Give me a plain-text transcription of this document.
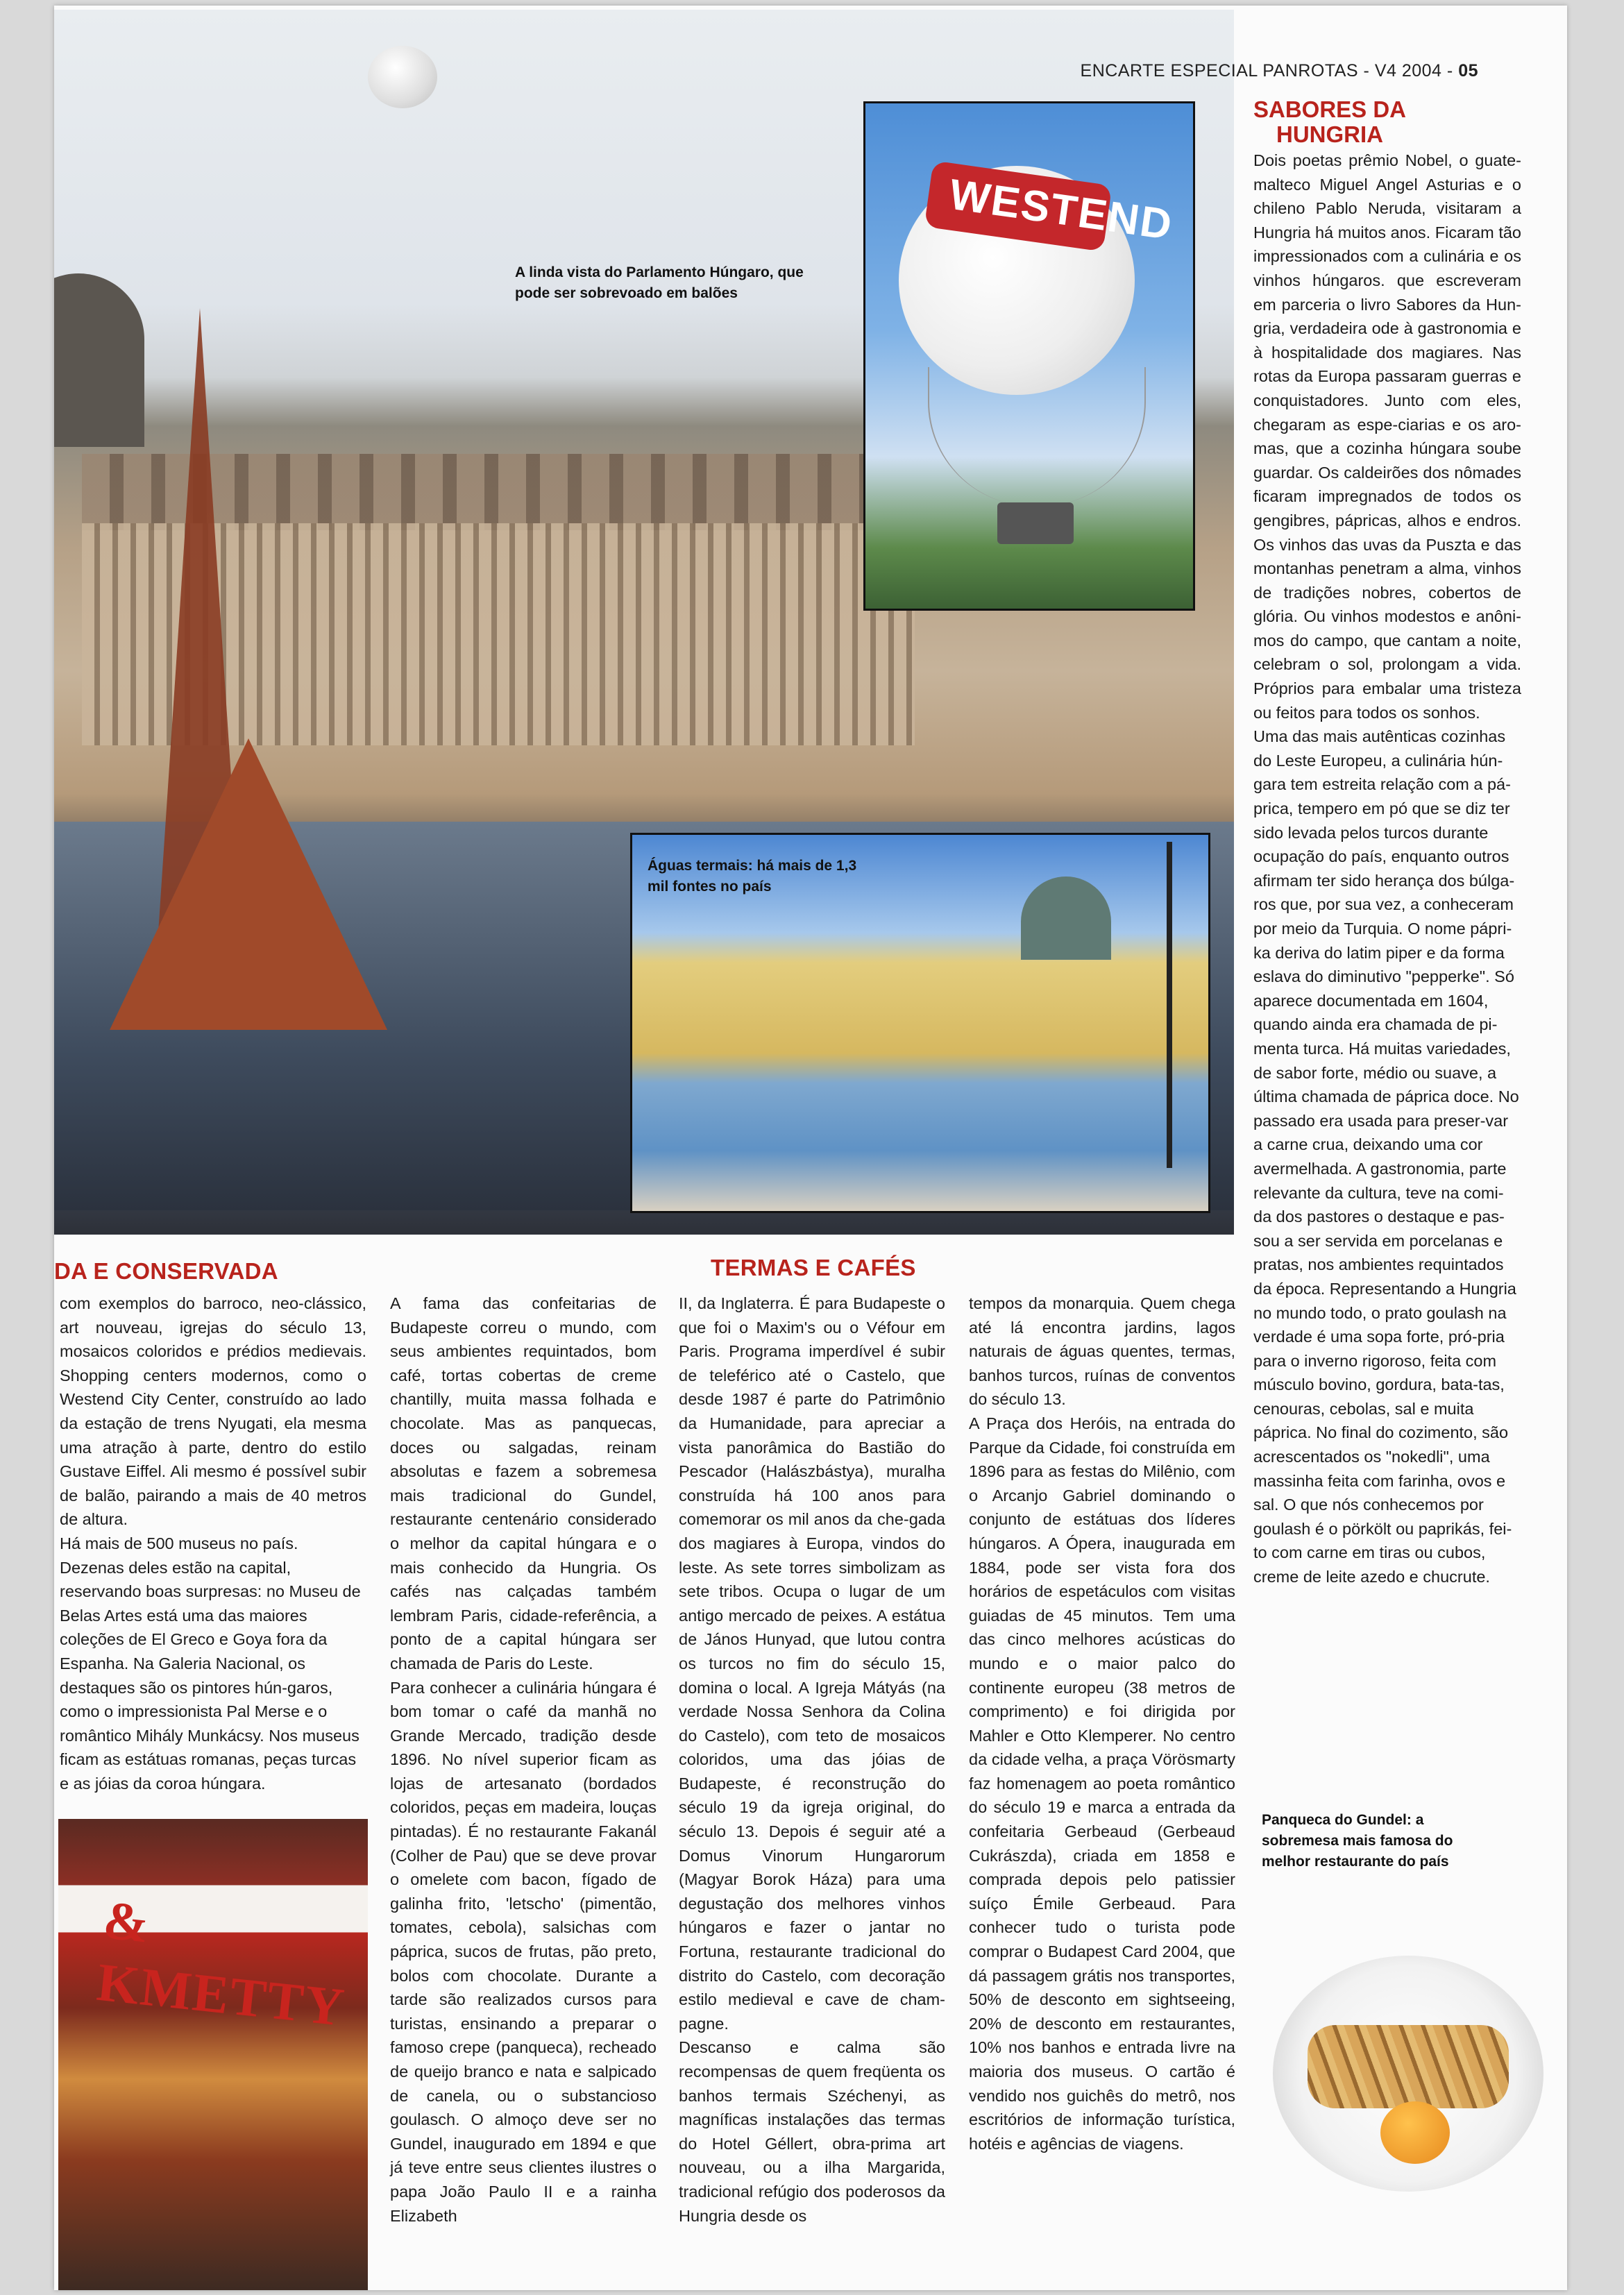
ENCARTE ESPECIAL PANROTAS - V4 2004 - 05
A linda vista do Parlamento Húngaro, que pode ser sobrevoado em balões
WESTEND
Águas termais: há mais de 1,3 mil fontes no país
SABORES DA HUNGRIA

Dois poetas prêmio Nobel, o guate-malteco Miguel Angel Asturias e o chileno Pablo Neruda, visitaram a Hungria há muitos anos. Ficaram tão impressionados com a culinária e os vinhos húngaros. que escreveram em parceria o livro Sabores da Hun-gria, verdadeira ode à gastronomia e à hospitalidade dos magiares. Nas rotas da Europa passaram guerras e conquistadores. Junto com eles, chegaram as espe-ciarias e os aro-mas, que a cozinha húngara soube guardar. Os caldeirões dos nômades ficaram impregnados de todos os gengibres, pápricas, alhos e endros. Os vinhos das uvas da Puszta e das montanhas penetram a alma, vinhos de tradições nobres, cobertos de glória. Ou vinhos modestos e anôni-mos do campo, que cantam a noite, celebram o sol, prolongam a vida. Próprios para embalar uma tristeza ou feitos para todos os sonhos.

Uma das mais autênticas cozinhas do Leste Europeu, a culinária hún-gara tem estreita relação com a pá-prica, tempero em pó que se diz ter sido levada pelos turcos durante ocupação do país, enquanto outros afirmam ter sido herança dos búlga-ros que, por sua vez, a conheceram por meio da Turquia. O nome pápri-ka deriva do latim piper e da forma eslava do diminutivo "pepperke". Só aparece documentada em 1604, quando ainda era chamada de pi-menta turca. Há muitas variedades, de sabor forte, médio ou suave, a última chamada de páprica doce. No passado era usada para preser-var a carne crua, deixando uma cor avermelhada. A gastronomia, parte relevante da cultura, teve na comi-da dos pastores o destaque e pas-sou a ser servida em porcelanas e pratas, nos ambientes requintados da época. Representando a Hungria no mundo todo, o prato goulash na verdade é uma sopa forte, pró-pria para o inverno rigoroso, feita com músculo bovino, gordura, bata-tas, cenouras, cebolas, sal e muita páprica. No final do cozimento, são acrescentados os "nokedli", uma massinha feita com farinha, ovos e sal. O que nós conhecemos por goulash é o pörkölt ou paprikás, fei-to com carne em tiras ou cubos, creme de leite azedo e chucrute.

DA E CONSERVADA	TERMAS E CAFÉS

com exemplos do barroco, neo-clássico, art nouveau, igrejas do século 13, mosaicos coloridos e prédios medievais. Shopping centers modernos, como o Westend City Center, construído ao lado da estação de trens Nyugati, ela mesma uma atração à parte, dentro do estilo Gustave Eiffel. Ali mesmo é possível subir de balão, pairando a mais de 40 metros de altura.

Há mais de 500 museus no país. Dezenas deles estão na capital, reservando boas surpresas: no Museu de Belas Artes está uma das maiores coleções de El Greco e Goya fora da Espanha. Na Galeria Nacional, os destaques são os pintores hún-garos, como o impressionista Pal Merse e o romântico Mihály Munkácsy. Nos museus ficam as estátuas romanas, peças turcas e as jóias da coroa húngara.

A fama das confeitarias de Budapeste correu o mundo, com seus ambientes requintados, bom café, tortas cobertas de creme chantilly, muita massa folhada e chocolate. Mas as panquecas, doces ou salgadas, reinam absolutas e fazem a sobremesa mais tradicional do Gundel, restaurante centenário considerado o melhor da capital húngara e o mais conhecido da Hungria. Os cafés nas calçadas também lembram Paris, cidade-referência, a ponto de a capital húngara ser chamada de Paris do Leste.

Para conhecer a culinária húngara é bom tomar o café da manhã no Grande Mercado, tradição desde 1896. No nível superior ficam as lojas de artesanato (bordados coloridos, peças em madeira, louças pintadas). É no restaurante Fakanál (Colher de Pau) que se deve provar o omelete com bacon, fígado de galinha frito, 'letscho' (pimentão, tomates, cebola), salsichas com páprica, sucos de frutas, pão preto, bolos com chocolate. Durante a tarde são realizados cursos para turistas, ensinando a preparar o famoso crepe (panqueca), recheado de queijo branco e nata e salpicado de canela, ou o substancioso goulasch. O almoço deve ser no Gundel, inaugurado em 1894 e que já teve entre seus clientes ilustres o papa João Paulo II e a rainha Elizabeth

II, da Inglaterra. É para Budapeste o que foi o Maxim's ou o Véfour em Paris. Programa imperdível é subir de teleférico até o Castelo, que desde 1987 é parte do Patrimônio da Humanidade, para apreciar a vista panorâmica do Bastião do Pescador (Halászbástya), muralha construída há 100 anos para comemorar os mil anos da che-gada dos magiares à Europa, vindos do leste. As sete torres simbolizam as sete tribos. Ocupa o lugar de um antigo mercado de peixes. A estátua de János Hunyad, que lutou contra os turcos no fim do século 15, domina o local. A Igreja Mátyás (na verdade Nossa Senhora da Colina do Castelo), com teto de mosaicos coloridos, uma das jóias de Budapeste, é reconstrução do século 19 da igreja original, do século 13. Depois é seguir até a Domus Vinorum Hungarorum (Magyar Borok Háza) para uma degustação dos melhores vinhos húngaros e fazer o jantar no Fortuna, restaurante tradicional do distrito do Castelo, com decoração estilo medieval e cave de cham-pagne.

Descanso e calma são recompensas de quem freqüenta os banhos termais Széchenyi, as magníficas instalações das termas do Hotel Géllert, obra-prima art nouveau, ou a ilha Margarida, tradicional refúgio dos poderosos da Hungria desde os

tempos da monarquia. Quem chega até lá encontra jardins, lagos naturais de águas quentes, termas, banhos turcos, ruínas de conventos do século 13.

A Praça dos Heróis, na entrada do Parque da Cidade, foi construída em 1896 para as festas do Milênio, com o Arcanjo Gabriel dominando o conjunto de estátuas dos líderes húngaros. A Ópera, inaugurada em 1884, pode ser vista fora dos horários de espetáculos com visitas guiadas de 45 minutos. Tem uma das cinco melhores acústicas do mundo e o maior palco do continente europeu (38 metros de comprimento) e foi dirigida por Mahler e Otto Klemperer. No centro da cidade velha, a praça Vörösmarty faz homenagem ao poeta romântico do século 19 e marca a entrada da confeitaria Gerbeaud (Gerbeaud Cukrászda), criada em 1858 e comprada depois pelo patissier suíço Émile Gerbeaud. Para conhecer tudo o turista pode comprar o Budapest Card 2004, que dá passagem grátis nos transportes, 50% de desconto em sightseeing, 20% de desconto em restaurantes, 10% nos banhos e entrada livre na maioria dos museus. O cartão é vendido nos guichês do metrô, nos escritórios de informação turística, hotéis e agências de viagens.

& KMETTY
Panqueca do Gundel: a sobremesa mais famosa do melhor restaurante do país
